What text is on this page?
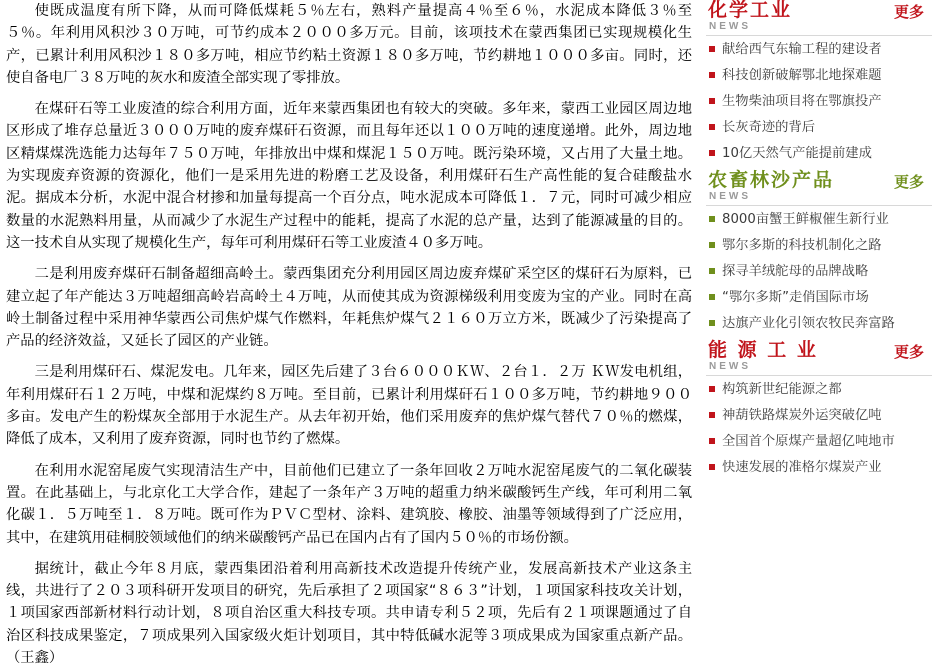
使既成温度有所下降，从而可降低煤耗５％左右，熟料产量提高４％至６％，水泥成本降低３％至５％。年利用风积沙３０万吨，可节约成本２０００多万元。目前，该项技术在蒙西集团已实现规模化生产，已累计利用风积沙１８０多万吨，相应节约粘土资源１８０多万吨，节约耕地１０００多亩。同时，还使自备电厂３８万吨的灰水和废渣全部实现了零排放。

在煤矸石等工业废渣的综合利用方面，近年来蒙西集团也有较大的突破。多年来，蒙西工业园区周边地区形成了堆存总量近３０００万吨的废弃煤矸石资源，而且每年还以１００万吨的速度递增。此外，周边地区精煤煤洗选能力达每年７５０万吨，年排放出中煤和煤泥１５０万吨。既污染环境，又占用了大量土地。为实现废弃资源的资源化，他们一是采用先进的粉磨工艺及设备，利用煤矸石生产高性能的复合硅酸盐水泥。据成本分析，水泥中混合材掺和加量每提高一个百分点，吨水泥成本可降低１．７元，同时可减少相应数量的水泥熟料用量，从而减少了水泥生产过程中的能耗，提高了水泥的总产量，达到了能源减量的目的。这一技术自从实现了规模化生产，每年可利用煤矸石等工业废渣４０多万吨。

二是利用废弃煤矸石制备超细高岭土。蒙西集团充分利用园区周边废弃煤矿采空区的煤矸石为原料，已建立起了年产能达３万吨超细高岭岩高岭土４万吨，从而使其成为资源梯级利用变废为宝的产业。同时在高岭土制备过程中采用神华蒙西公司焦炉煤气作燃料，年耗焦炉煤气２１６０万立方米，既减少了污染提高了产品的经济效益，又延长了园区的产业链。

三是利用煤矸石、煤泥发电。几年来，园区先后建了３台６０００ＫＷ、２台１．２万 ＫＷ发电机组，年利用煤矸石１２万吨，中煤和泥煤约８万吨。至目前，已累计利用煤矸石１００多万吨，节约耕地９００多亩。发电产生的粉煤灰全部用于水泥生产。从去年初开始，他们采用废弃的焦炉煤气替代７０％的燃煤，降低了成本，又利用了废弃资源，同时也节约了燃煤。

在利用水泥窑尾废气实现清洁生产中，目前他们已建立了一条年回收２万吨水泥窑尾废气的二氧化碳装置。在此基础上，与北京化工大学合作，建起了一条年产３万吨的超重力纳米碳酸钙生产线，年可利用二氧化碳１．５万吨至１．８万吨。既可作为ＰＶＣ型材、涂料、建筑胶、橡胶、油墨等领域得到了广泛应用，其中，在建筑用硅桐胶领域他们的纳米碳酸钙产品已在国内占有了国内５０％的市场份额。

据统计，截止今年８月底，蒙西集团沿着利用高新技术改造提升传统产业，发展高新技术产业这条主线，共进行了２０３项科研开发项目的研究，先后承担了２项国家“８６３”计划，１项国家科技攻关计划，１项国家西部新材料行动计划，８项自治区重大科技专项。共申请专利５２项，先后有２１项课题通过了自治区科技成果鉴定，７项成果列入国家级火炬计划项目，其中特低碱水泥等３项成果成为国家重点新产品。（王鑫）

化学工业
NEWS
更多
献给西气东输工程的建设者
科技创新破解鄂北地探难题
生物柴油项目将在鄂旗投产
长灰奇迹的背后
10亿天然气产能提前建成
农畜林沙产品
NEWS
更多
8000亩蟹王鲜椒催生新行业
鄂尔多斯的科技机制化之路
探寻羊绒舵母的品牌战略
“鄂尔多斯”走俏国际市场
达旗产业化引领农牧民奔富路
能 源 工 业
NEWS
更多
构筑新世纪能源之都
神葫铁路煤炭外运突破亿吨
全国首个原煤产量超亿吨地市
快速发展的准格尔煤炭产业
